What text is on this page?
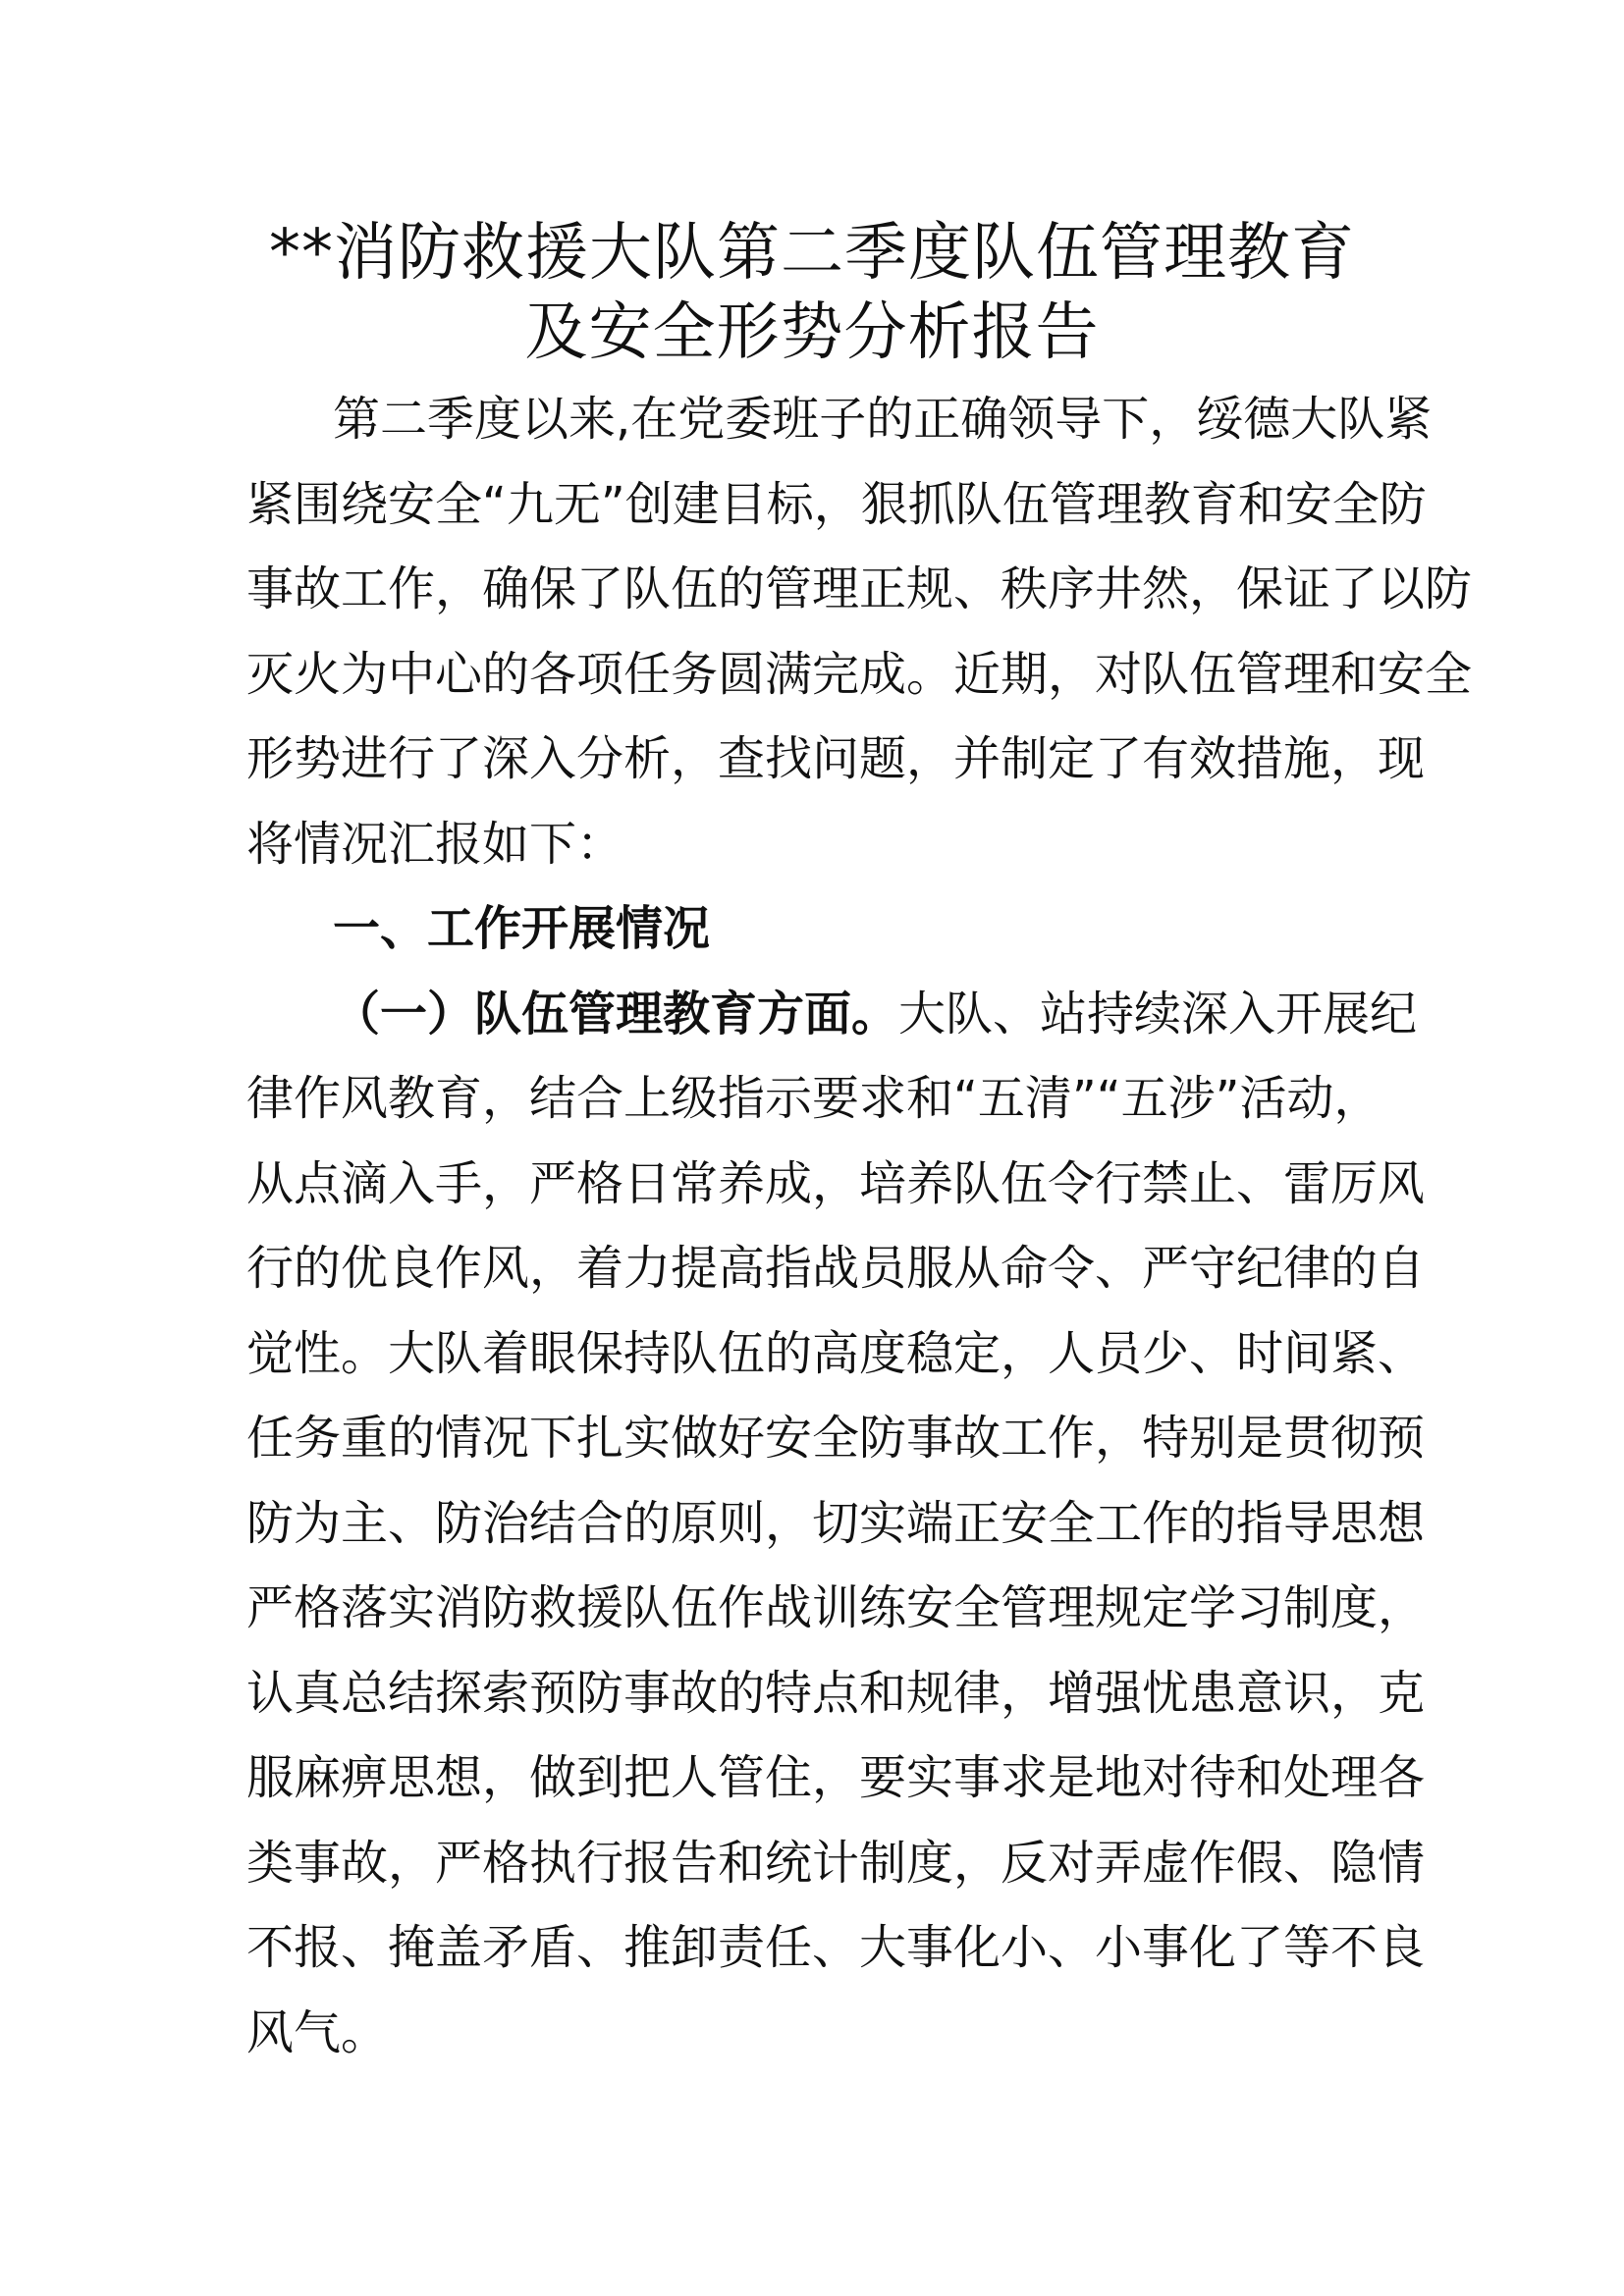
**消防救援大队第二季度队伍管理教育
及安全形势分析报告
第二季度以来,在党委班子的正确领导下，绥德大队紧
紧围绕安全“九无”创建目标，狠抓队伍管理教育和安全防
事故工作，确保了队伍的管理正规、秩序井然，保证了以防
灭火为中心的各项任务圆满完成。近期，对队伍管理和安全
形势进行了深入分析，查找问题，并制定了有效措施，现
将情况汇报如下：
一、工作开展情况
（一）队伍管理教育方面。大队、站持续深入开展纪
律作风教育，结合上级指示要求和“五清”“五涉”活动，
从点滴入手，严格日常养成，培养队伍令行禁止、雷厉风
行的优良作风，着力提高指战员服从命令、严守纪律的自
觉性。大队着眼保持队伍的高度稳定，人员少、时间紧、
任务重的情况下扎实做好安全防事故工作，特别是贯彻预
防为主、防治结合的原则，切实端正安全工作的指导思想
严格落实消防救援队伍作战训练安全管理规定学习制度，
认真总结探索预防事故的特点和规律，增强忧患意识，克
服麻痹思想，做到把人管住，要实事求是地对待和处理各
类事故，严格执行报告和统计制度，反对弄虚作假、隐情
不报、掩盖矛盾、推卸责任、大事化小、小事化了等不良
风气。
